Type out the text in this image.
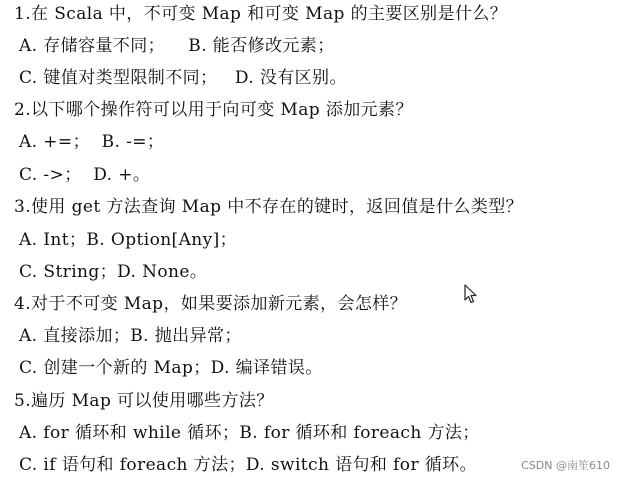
1.在 Scala 中，不可变 Map 和可变 Map 的主要区别是什么？
A. 存储容量不同；    B. 能否修改元素；
C. 键值对类型限制不同；   D. 没有区别。
2.以下哪个操作符可以用于向可变 Map 添加元素？
A. +=；  B. -=；
C. ->；  D. +。
3.使用 get 方法查询 Map 中不存在的键时，返回值是什么类型？
A. Int；B. Option[Any]；
C. String；D. None。
4.对于不可变 Map，如果要添加新元素，会怎样？
A. 直接添加；B. 抛出异常；
C. 创建一个新的 Map；D. 编译错误。
5.遍历 Map 可以使用哪些方法？
A. for 循环和 while 循环；B. for 循环和 foreach 方法；
C. if 语句和 foreach 方法；D. switch 语句和 for 循环。	CSDN @南笙610
